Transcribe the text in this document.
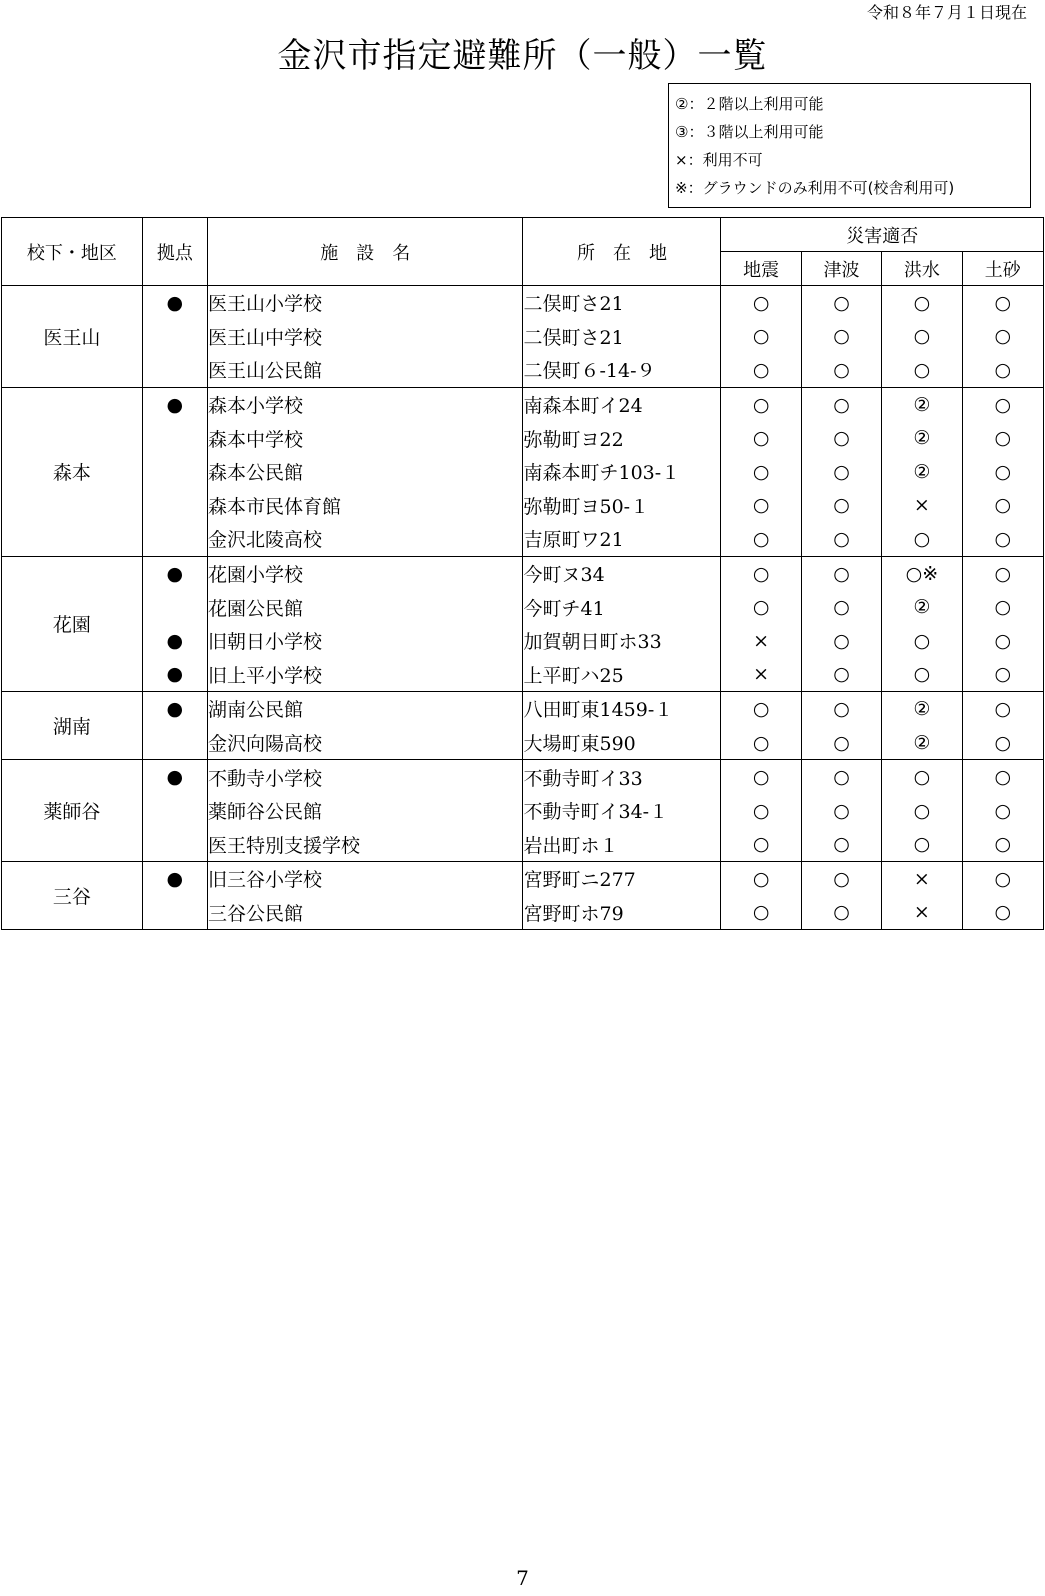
令和８年７月１日現在
金沢市指定避難所（一般）一覧
②：２階以上利用可能
③：３階以上利用可能
×：利用不可
※：グラウンドのみ利用不可(校舎利用可)
校下・地区	拠点	施　設　名	所　在　地	災害適否			
				地震	津波	洪水	土砂
医王山	●	医王山小学校	二俣町さ21	○	○	○	○
		医王山中学校	二俣町さ21	○	○	○	○
		医王山公民館	二俣町６-14-９	○	○	○	○
森本	●	森本小学校	南森本町イ24	○	○	②	○
		森本中学校	弥勒町ヨ22	○	○	②	○
		森本公民館	南森本町チ103-１	○	○	②	○
		森本市民体育館	弥勒町ヨ50-１	○	○	×	○
		金沢北陵高校	吉原町ワ21	○	○	○	○
花園	●	花園小学校	今町ヌ34	○	○	○※	○
		花園公民館	今町チ41	○	○	②	○
	●	旧朝日小学校	加賀朝日町ホ33	×	○	○	○
	●	旧上平小学校	上平町ハ25	×	○	○	○
湖南	●	湖南公民館	八田町東1459-１	○	○	②	○
		金沢向陽高校	大場町東590	○	○	②	○
薬師谷	●	不動寺小学校	不動寺町イ33	○	○	○	○
		薬師谷公民館	不動寺町イ34-１	○	○	○	○
		医王特別支援学校	岩出町ホ１	○	○	○	○
三谷	●	旧三谷小学校	宮野町ニ277	○	○	×	○
		三谷公民館	宮野町ホ79	○	○	×	○
7
